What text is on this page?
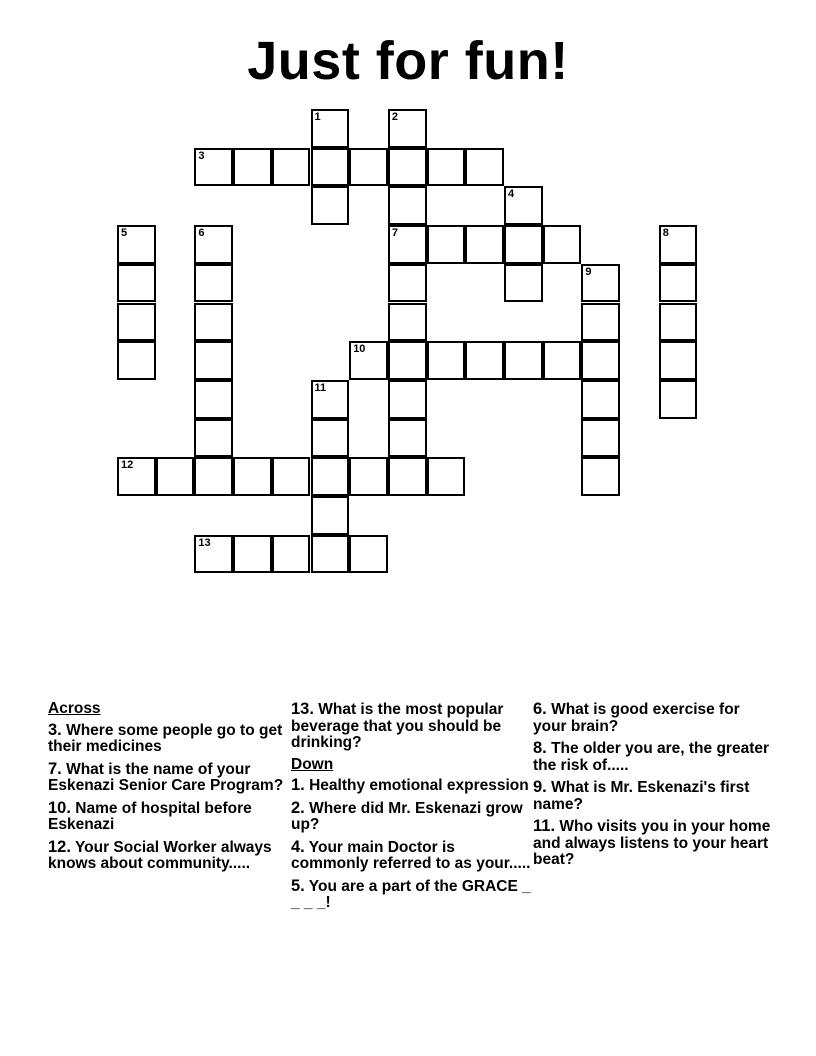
Just for fun!
1	2
7
3
4
5	6	8
9
10
11
12
13
Across
3. Where some people go to get their medicines
7. What is the name of your Eskenazi Senior Care Program?
10. Name of hospital before Eskenazi
12. Your Social Worker always knows about community.....
13. What is the most popular beverage that you should be drinking?
Down
1. Healthy emotional expression
2. Where did Mr. Eskenazi grow up?
4. Your main Doctor is commonly referred to as your.....
5. You are a part of the GRACE _ _ _ _!
6. What is good exercise for your brain?
8. The older you are, the greater the risk of.....
9. What is Mr. Eskenazi's first name?
11. Who visits you in your home and always listens to your heart beat?
